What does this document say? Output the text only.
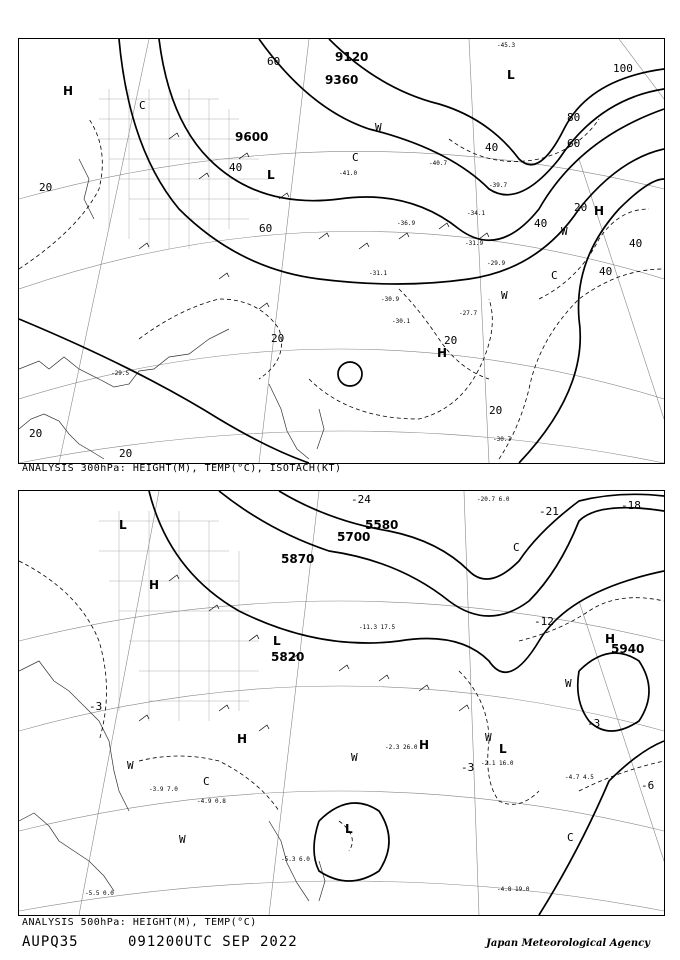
9120
9360
9600
20
20	20
20
20
20
20
60
60
60
40
40
40
40
40
80
100
H
H
H
L
L
C
C
C
W
W
W
-27.7
-29.9
-31.1
-30.9
-30.1
-40.7
-41.0
-39.7
-36.9
-34.1
-31.9
-30.7
-29.5
-45.3
ANALYSIS 300hPa: HEIGHT(M), TEMP(°C), ISOTACH(KT)
5700
5580
5870
5820
5940
-3
-3
-3
-6
-12
-18
-21
-24
H
H	H
H
L
L
L
L
C
C
C
W
W
W
W
W
-4.8 19.0
-4.7 4.5
-2.1 16.0
-5.3 6.0
-4.9 0.8
-3.9 7.0
-2.3 26.0
-11.3 17.5
-20.7 6.0
-5.5 0.0
ANALYSIS 500hPa: HEIGHT(M), TEMP(°C)
AUPQ35	091200UTC SEP 2022	Japan Meteorological Agency
